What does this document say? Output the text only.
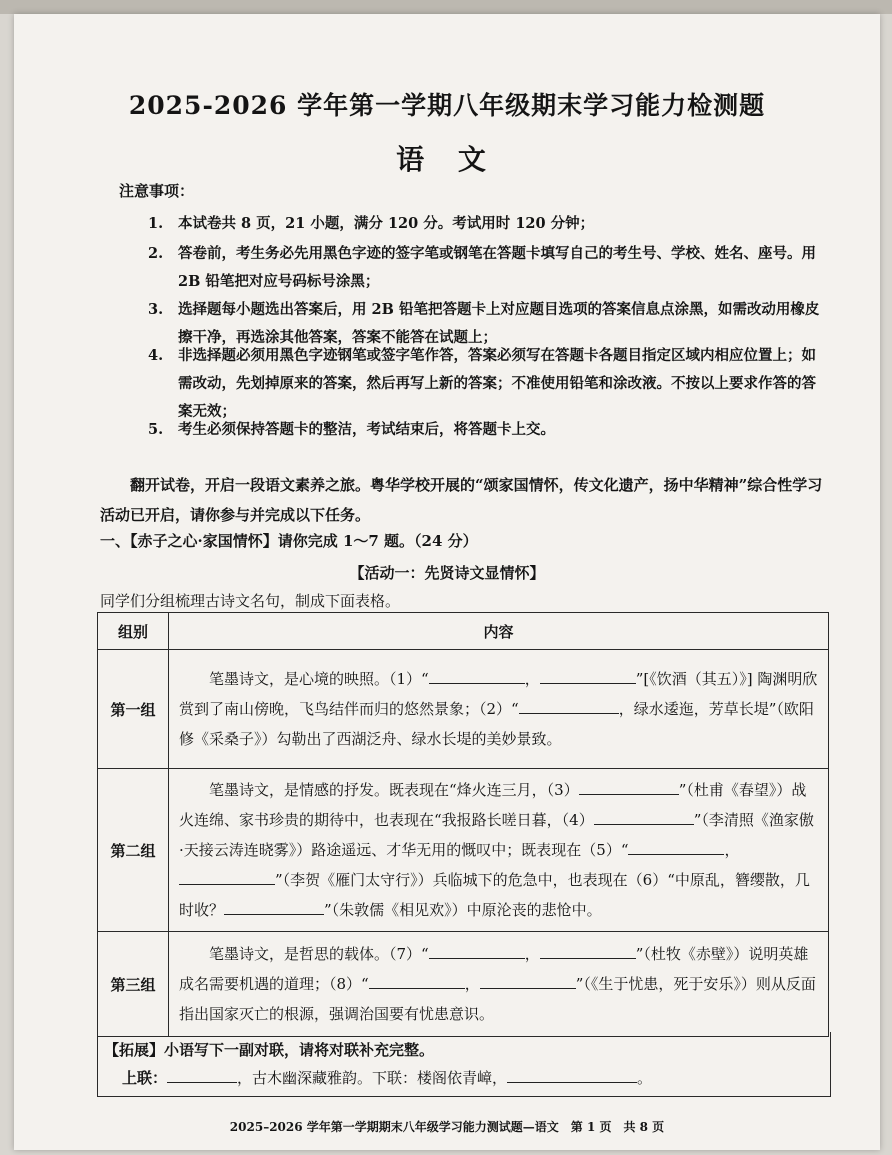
2025-2026 学年第一学期八年级期末学习能力检测题
语 文
注意事项：
1.	本试卷共 8 页，21 小题，满分 120 分。考试用时 120 分钟；
2.	答卷前，考生务必先用黑色字迹的签字笔或钢笔在答题卡填写自己的考生号、学校、姓名、座号。用 2B 铅笔把对应号码标号涂黑；
3.	选择题每小题选出答案后，用 2B 铅笔把答题卡上对应题目选项的答案信息点涂黑，如需改动用橡皮擦干净，再选涂其他答案，答案不能答在试题上；
4.	非选择题必须用黑色字迹钢笔或签字笔作答，答案必须写在答题卡各题目指定区域内相应位置上；如需改动，先划掉原来的答案，然后再写上新的答案；不准使用铅笔和涂改液。不按以上要求作答的答案无效；
5.	考生必须保持答题卡的整洁，考试结束后，将答题卡上交。
翻开试卷，开启一段语文素养之旅。粤华学校开展的“颂家国情怀，传文化遗产，扬中华精神”综合性学习活动已开启，请你参与并完成以下任务。
一、【赤子之心·家国情怀】请你完成 1～7 题。（24 分）
【活动一：先贤诗文显情怀】
同学们分组梳理古诗文名句，制成下面表格。
组别	内容
第一组	笔墨诗文，是心境的映照。（1）“ ， ”[《饮酒（其五）》] 陶渊明欣赏到了南山傍晚，飞鸟结伴而归的悠然景象；（2）“ ，绿水逶迤，芳草长堤”（欧阳修《采桑子》）勾勒出了西湖泛舟、绿水长堤的美妙景致。
第二组	笔墨诗文，是情感的抒发。既表现在“烽火连三月，（3） ”（杜甫《春望》）战火连绵、家书珍贵的期待中，也表现在“我报路长嗟日暮，（4） ”（李清照《渔家傲·天接云涛连晓雾》）路途遥远、才华无用的慨叹中；既表现在（5）“ ，”（李贺《雁门太守行》）兵临城下的危急中，也表现在（6）“中原乱，簪缨散，几时收？ ”（朱敦儒《相见欢》）中原沦丧的悲怆中。
第三组	笔墨诗文，是哲思的载体。（7）“ ， ”（杜牧《赤壁》）说明英雄成名需要机遇的道理；（8）“ ， ”（《生于忧患，死于安乐》）则从反面指出国家灭亡的根源，强调治国要有忧患意识。
【拓展】小语写下一副对联，请将对联补充完整。
上联：	，古木幽深藏雅韵。下联：楼阁依青嶂，	。
2025–2026 学年第一学期期末八年级学习能力测试题—语文　第 1 页　共 8 页
